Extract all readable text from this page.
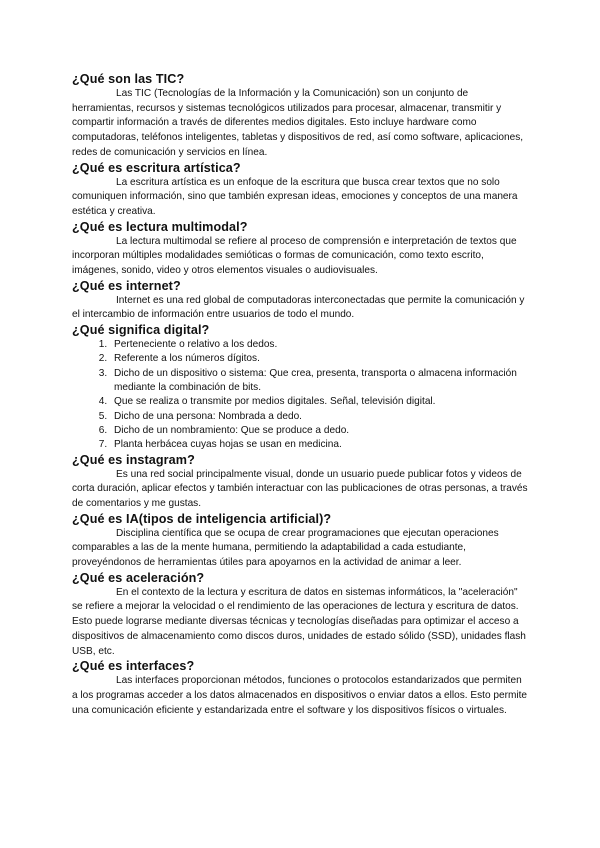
¿Qué son las TIC?

Las TIC (Tecnologías de la Información y la Comunicación) son un conjunto de herramientas, recursos y sistemas tecnológicos utilizados para procesar, almacenar, transmitir y compartir información a través de diferentes medios digitales. Esto incluye hardware como computadoras, teléfonos inteligentes, tabletas y dispositivos de red, así como software, aplicaciones, redes de comunicación y servicios en línea.

¿Qué es escritura artística?

La escritura artística es un enfoque de la escritura que busca crear textos que no solo comuniquen información, sino que también expresan ideas, emociones y conceptos de una manera estética y creativa.

¿Qué es lectura multimodal?

La lectura multimodal se refiere al proceso de comprensión e interpretación de textos que incorporan múltiples modalidades semióticas o formas de comunicación, como texto escrito, imágenes, sonido, video y otros elementos visuales o audiovisuales.

¿Qué es internet?

Internet es una red global de computadoras interconectadas que permite la comunicación y el intercambio de información entre usuarios de todo el mundo.

¿Qué significa digital?
1. Perteneciente o relativo a los dedos.
2. Referente a los números dígitos.
3. Dicho de un dispositivo o sistema: Que crea, presenta, transporta o almacena información mediante la combinación de bits.
4. Que se realiza o transmite por medios digitales. Señal, televisión digital.
5. Dicho de una persona: Nombrada a dedo.
6. Dicho de un nombramiento: Que se produce a dedo.
7. Planta herbácea cuyas hojas se usan en medicina.
¿Qué es instagram?

Es una red social principalmente visual, donde un usuario puede publicar fotos y videos de corta duración, aplicar efectos y también interactuar con las publicaciones de otras personas, a través de comentarios y me gustas.

¿Qué es IA(tipos de inteligencia artificial)?

Disciplina científica que se ocupa de crear programaciones que ejecutan operaciones comparables a las de la mente humana, permitiendo la adaptabilidad a cada estudiante, proveyéndonos de herramientas útiles para apoyarnos en la actividad de animar a leer.

¿Qué es aceleración?

En el contexto de la lectura y escritura de datos en sistemas informáticos, la "aceleración" se refiere a mejorar la velocidad o el rendimiento de las operaciones de lectura y escritura de datos. Esto puede lograrse mediante diversas técnicas y tecnologías diseñadas para optimizar el acceso a dispositivos de almacenamiento como discos duros, unidades de estado sólido (SSD), unidades flash USB, etc.

¿Qué es interfaces?

Las interfaces proporcionan métodos, funciones o protocolos estandarizados que permiten a los programas acceder a los datos almacenados en dispositivos o enviar datos a ellos. Esto permite una comunicación eficiente y estandarizada entre el software y los dispositivos físicos o virtuales.
